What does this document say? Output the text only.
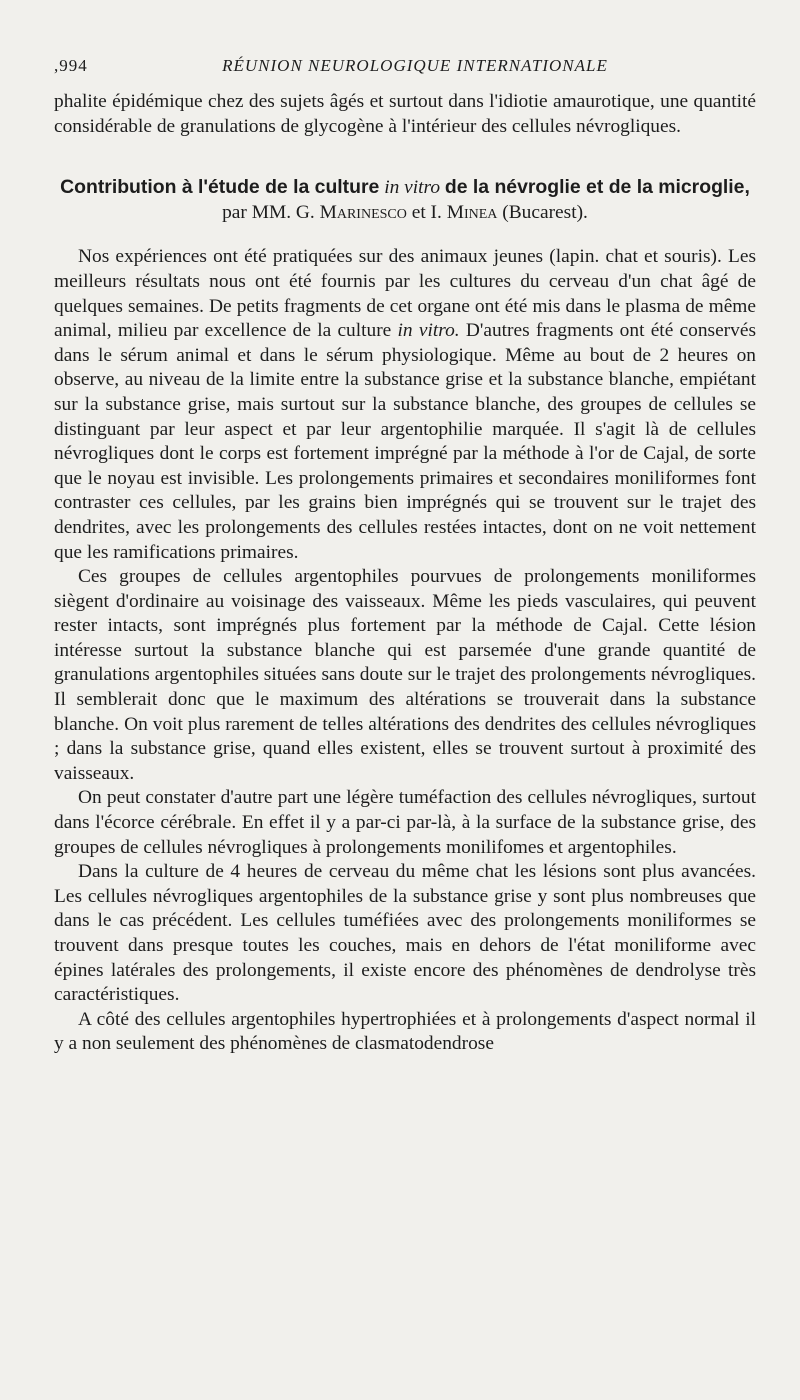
,994	RÉUNION NEUROLOGIQUE INTERNATIONALE

phalite épidémique chez des sujets âgés et surtout dans l'idiotie amaurotique, une quantité considérable de granulations de glycogène à l'intérieur des cellules névrogliques.

Contribution à l'étude de la culture in vitro de la névroglie et de la microglie, par MM. G. Marinesco et I. Minea (Bucarest).

Nos expériences ont été pratiquées sur des animaux jeunes (lapin. chat et souris). Les meilleurs résultats nous ont été fournis par les cultures du cerveau d'un chat âgé de quelques semaines. De petits fragments de cet organe ont été mis dans le plasma de même animal, milieu par excellence de la culture in vitro. D'autres fragments ont été conservés dans le sérum animal et dans le sérum physiologique. Même au bout de 2 heures on observe, au niveau de la limite entre la substance grise et la substance blanche, empiétant sur la substance grise, mais surtout sur la substance blanche, des groupes de cellules se distinguant par leur aspect et par leur argentophilie marquée. Il s'agit là de cellules névrogliques dont le corps est fortement imprégné par la méthode à l'or de Cajal, de sorte que le noyau est invisible. Les prolongements primaires et secondaires moniliformes font contraster ces cellules, par les grains bien imprégnés qui se trouvent sur le trajet des dendrites, avec les prolongements des cellules restées intactes, dont on ne voit nettement que les ramifications primaires.

Ces groupes de cellules argentophiles pourvues de prolongements moniliformes siègent d'ordinaire au voisinage des vaisseaux. Même les pieds vasculaires, qui peuvent rester intacts, sont imprégnés plus fortement par la méthode de Cajal. Cette lésion intéresse surtout la substance blanche qui est parsemée d'une grande quantité de granulations argentophiles situées sans doute sur le trajet des prolongements névrogliques. Il semblerait donc que le maximum des altérations se trouverait dans la substance blanche. On voit plus rarement de telles altérations des dendrites des cellules névrogliques ; dans la substance grise, quand elles existent, elles se trouvent surtout à proximité des vaisseaux.

On peut constater d'autre part une légère tuméfaction des cellules névrogliques, surtout dans l'écorce cérébrale. En effet il y a par-ci par-là, à la surface de la substance grise, des groupes de cellules névrogliques à prolongements monilifomes et argentophiles.

Dans la culture de 4 heures de cerveau du même chat les lésions sont plus avancées. Les cellules névrogliques argentophiles de la substance grise y sont plus nombreuses que dans le cas précédent. Les cellules tuméfiées avec des prolongements moniliformes se trouvent dans presque toutes les couches, mais en dehors de l'état moniliforme avec épines latérales des prolongements, il existe encore des phénomènes de dendrolyse très caractéristiques.

A côté des cellules argentophiles hypertrophiées et à prolongements d'aspect normal il y a non seulement des phénomènes de clasmatodendrose
